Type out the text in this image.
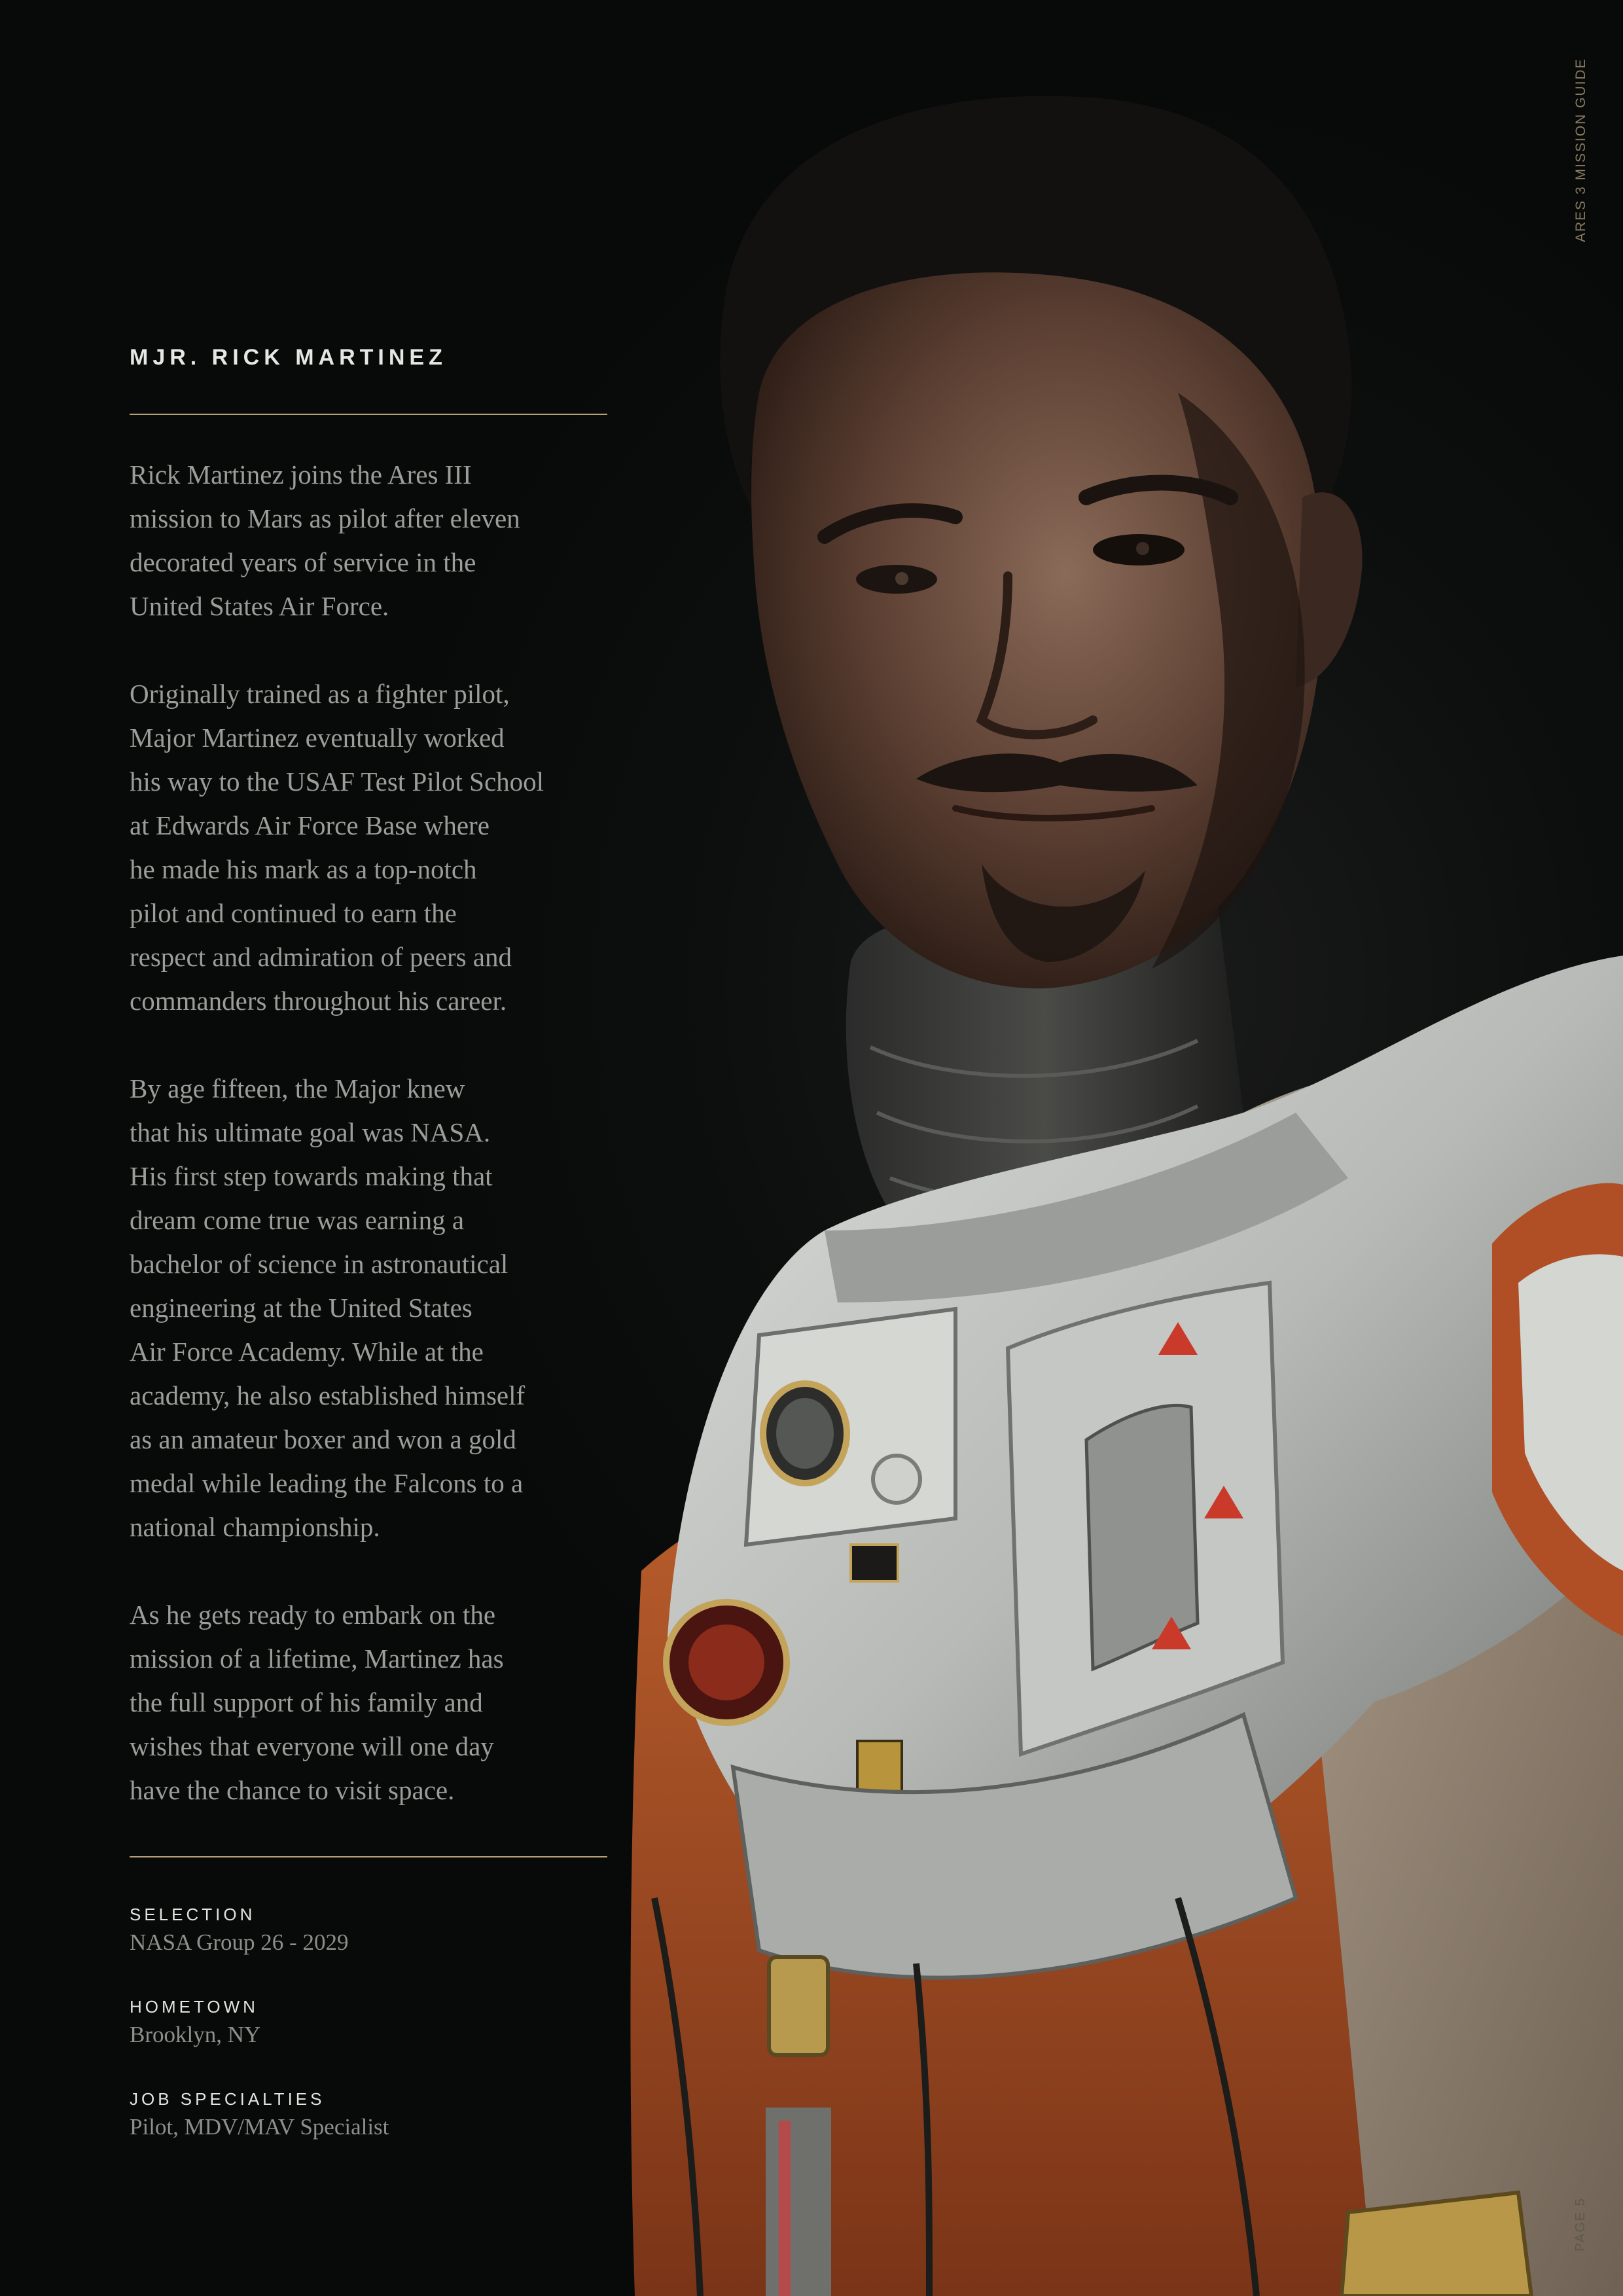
MJR. RICK MARTINEZ

Rick Martinez joins the Ares III
mission to Mars as pilot after eleven
decorated years of service in the
United States Air Force.

Originally trained as a fighter pilot,
Major Martinez eventually worked
his way to the USAF Test Pilot School
at Edwards Air Force Base where
he made his mark as a top-notch
pilot and continued to earn the
respect and admiration of peers and
commanders throughout his career.

By age fifteen, the Major knew
that his ultimate goal was NASA.
His first step towards making that
dream come true was earning a
bachelor of science in astronautical
engineering at the United States
Air Force Academy. While at the
academy, he also established himself
as an amateur boxer and won a gold
medal while leading the Falcons to a
national championship.

As he gets ready to embark on the
mission of a lifetime, Martinez has
the full support of his family and
wishes that everyone will one day
have the chance to visit space.

SELECTION
NASA Group 26 - 2029
HOMETOWN
Brooklyn, NY
JOB SPECIALTIES
Pilot, MDV/MAV Specialist
ARES 3 MISSION GUIDE
PAGE 5
